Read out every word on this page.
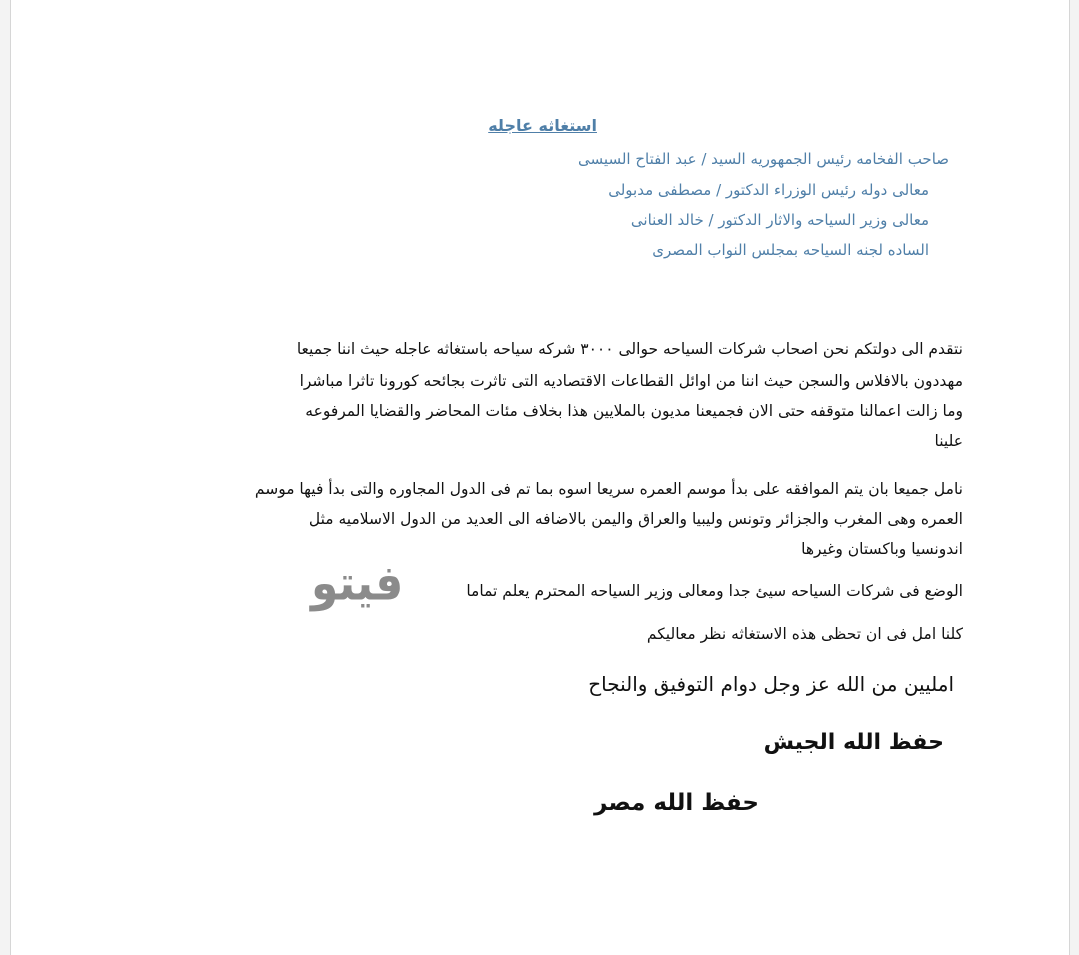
استغاثه عاجله

صاحب الفخامه رئيس الجمهوريه السيد / عبد الفتاح السيسى

معالى دوله رئيس الوزراء الدكتور / مصطفى مدبولى

معالى وزير السياحه والاثار الدكتور / خالد العنانى

الساده لجنه السياحه بمجلس النواب المصرى

نتقدم الى دولتكم نحن اصحاب شركات السياحه حوالى ٣٠٠٠ شركه سياحه باستغاثه عاجله حيث اننا جميعا

مهددون بالافلاس والسجن حيث اننا من اوائل القطاعات الاقتصاديه التى تاثرت بجائحه كورونا تاثرا مباشرا

وما زالت اعمالنا متوقفه حتى الان فجميعنا مديون بالملايين هذا بخلاف مئات المحاضر والقضايا المرفوعه

علينا

نامل جميعا بان يتم الموافقه على بدأ موسم العمره سريعا اسوه بما تم فى الدول المجاوره والتى بدأ فيها موسم

العمره وهى المغرب والجزائر وتونس وليبيا والعراق واليمن بالاضافه الى العديد من الدول الاسلاميه مثل

اندونسيا وباكستان وغيرها

الوضع فى شركات السياحه سيئ جدا ومعالى وزير السياحه المحترم يعلم تماما

كلنا امل فى ان تحظى هذه الاستغاثه نظر معاليكم

امليين من الله عز وجل دوام التوفيق والنجاح

حفظ الله الجيش

حفظ الله مصر

فيتو
